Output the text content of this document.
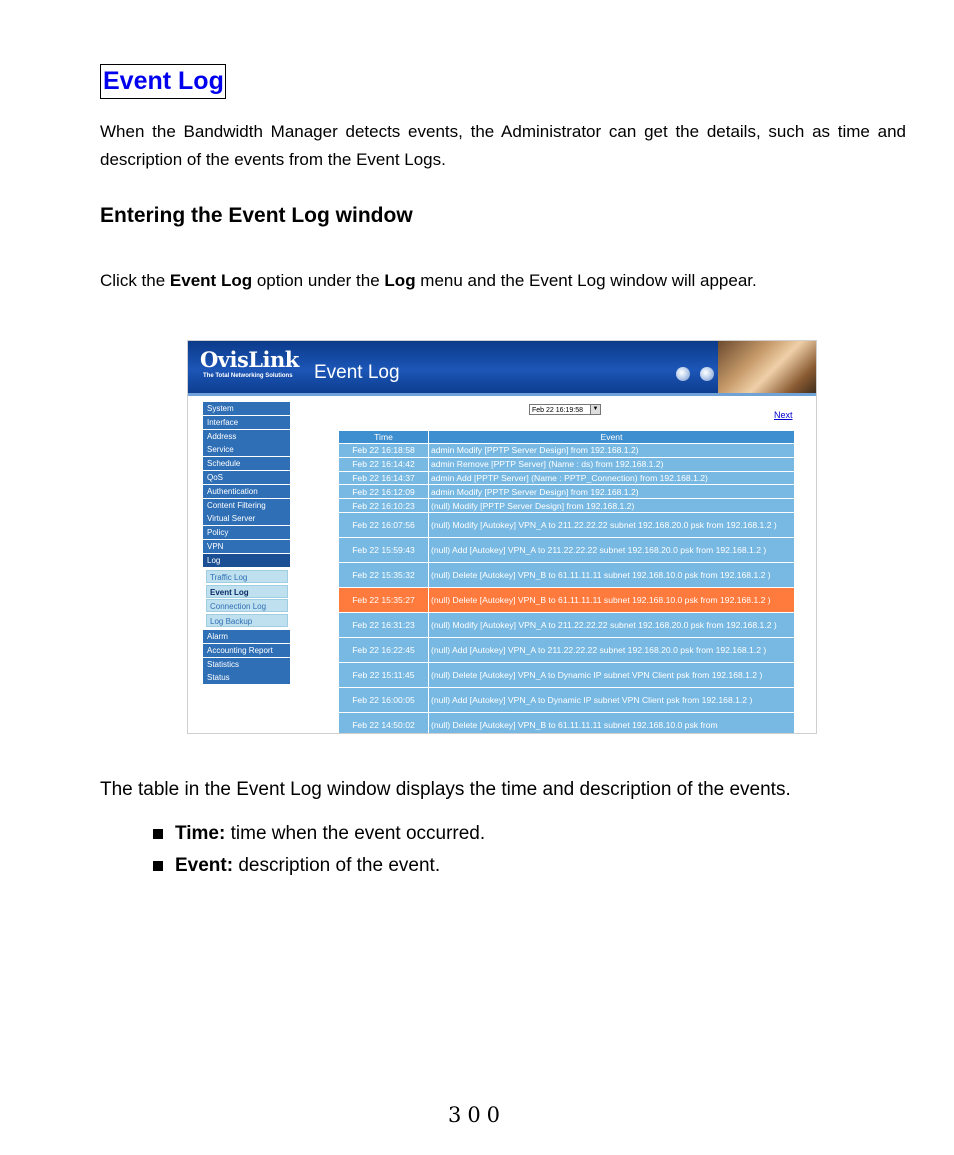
Event Log
When the Bandwidth Manager detects events, the Administrator can get the details, such as time and description of the events from the Event Logs.
Entering the Event Log window
Click the Event Log option under the Log menu and the Event Log window will appear.
OvisLink
The Total Networking Solutions Event Log
Feb 22 16:19:58	▼
Next
Time	Event
Feb 22 16:18:58	admin Modify [PPTP Server Design] from 192.168.1.2)
Feb 22 16:14:42	admin Remove [PPTP Server] (Name : ds) from 192.168.1.2)
Feb 22 16:14:37	admin Add [PPTP Server] (Name : PPTP_Connection) from 192.168.1.2)
Feb 22 16:12:09	admin Modify [PPTP Server Design] from 192.168.1.2)
Feb 22 16:10:23	(null) Modify [PPTP Server Design] from 192.168.1.2)
Feb 22 16:07:56	(null) Modify [Autokey] VPN_A to 211.22.22.22 subnet 192.168.20.0 psk from 192.168.1.2 )
Feb 22 15:59:43	(null) Add [Autokey] VPN_A to 211.22.22.22 subnet 192.168.20.0 psk from 192.168.1.2 )
Feb 22 15:35:32	(null) Delete [Autokey] VPN_B to 61.11.11.11 subnet 192.168.10.0 psk from 192.168.1.2 )
Feb 22 15:35:27	(null) Delete [Autokey] VPN_B to 61.11.11.11 subnet 192.168.10.0 psk from 192.168.1.2 )
Feb 22 16:31:23	(null) Modify [Autokey] VPN_A to 211.22.22.22 subnet 192.168.20.0 psk from 192.168.1.2 )
Feb 22 16:22:45	(null) Add [Autokey] VPN_A to 211.22.22.22 subnet 192.168.20.0 psk from 192.168.1.2 )
Feb 22 15:11:45	(null) Delete [Autokey] VPN_A to Dynamic IP subnet VPN Client psk from 192.168.1.2 )
Feb 22 16:00:05	(null) Add [Autokey] VPN_A to Dynamic IP subnet VPN Client psk from 192.168.1.2 )
Feb 22 14:50:02	(null) Delete [Autokey] VPN_B to 61.11.11.11 subnet 192.168.10.0 psk from
System
Interface
Address
Service
Schedule
QoS
Authentication
Content Filtering
Virtual Server
Policy
VPN
Log
Traffic Log
Event Log
Connection Log
Log Backup
Alarm
Accounting Report
Statistics
Status
The table in the Event Log window displays the time and description of the events.
Time: time when the event occurred.
Event: description of the event.
300
